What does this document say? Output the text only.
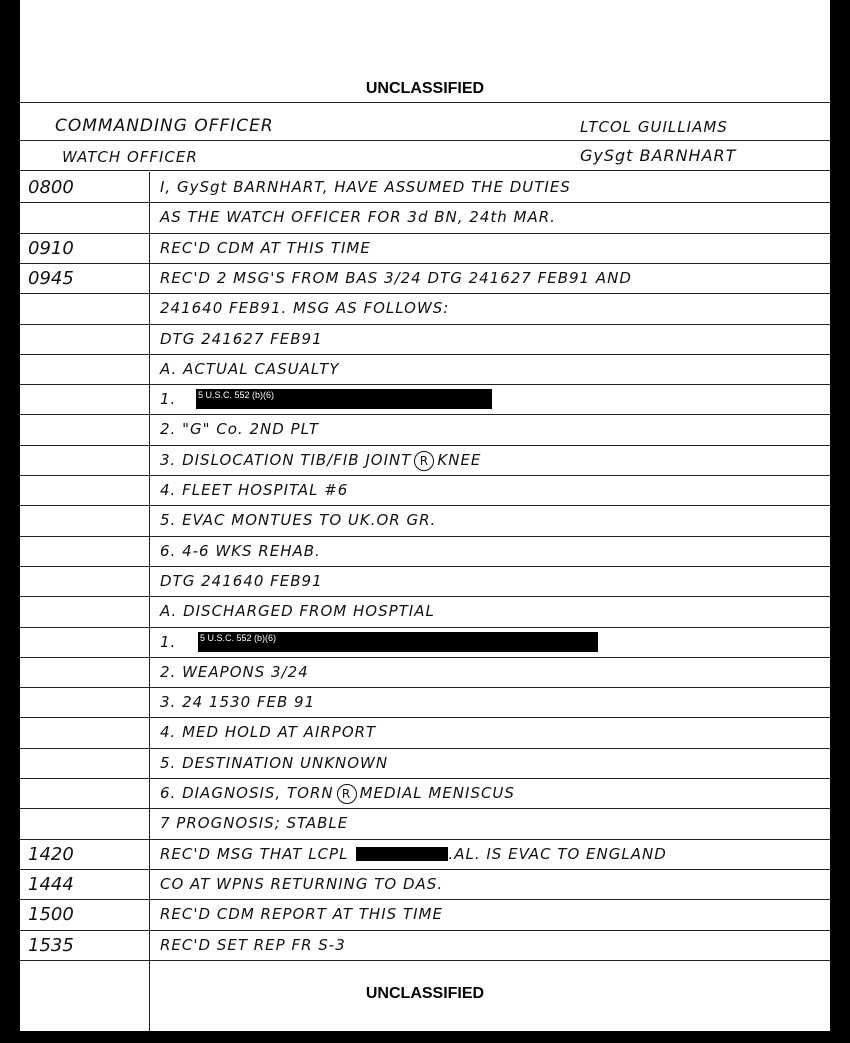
UNCLASSIFIED
COMMANDING OFFICER	LTCOL GUILLIAMS
WATCH OFFICER	GySgt BARNHART
0800	I, GySgt BARNHART, HAVE ASSUMED THE DUTIES
AS THE WATCH OFFICER FOR 3d BN, 24th MAR.
0910	REC'D CDM AT THIS TIME
0945	REC'D 2 MSG'S FROM BAS 3/24 DTG 241627 FEB91 AND
241640 FEB91. MSG AS FOLLOWS:
DTG 241627 FEB91
A. ACTUAL CASUALTY
1. 5 U.S.C. 552 (b)(6)
2. "G" Co. 2ND PLT
3. DISLOCATION TIB/FIB JOINT R KNEE
4. FLEET HOSPITAL #6
5. EVAC MONTUES TO UK.OR GR.
6. 4-6 WKS REHAB.
DTG 241640 FEB91
A. DISCHARGED FROM HOSPTIAL
1.	5 U.S.C. 552 (b)(6)
2. WEAPONS 3/24
3. 24 1530 FEB 91
4. MED HOLD AT AIRPORT
5. DESTINATION UNKNOWN
6. DIAGNOSIS, TORN R MEDIAL MENISCUS
7 PROGNOSIS; STABLE
1420	REC'D MSG THAT LCPL	.AL. IS EVAC TO ENGLAND
1444	CO AT WPNS RETURNING TO DAS.
1500	REC'D CDM REPORT AT THIS TIME
1535	REC'D SET REP FR S-3
UNCLASSIFIED
